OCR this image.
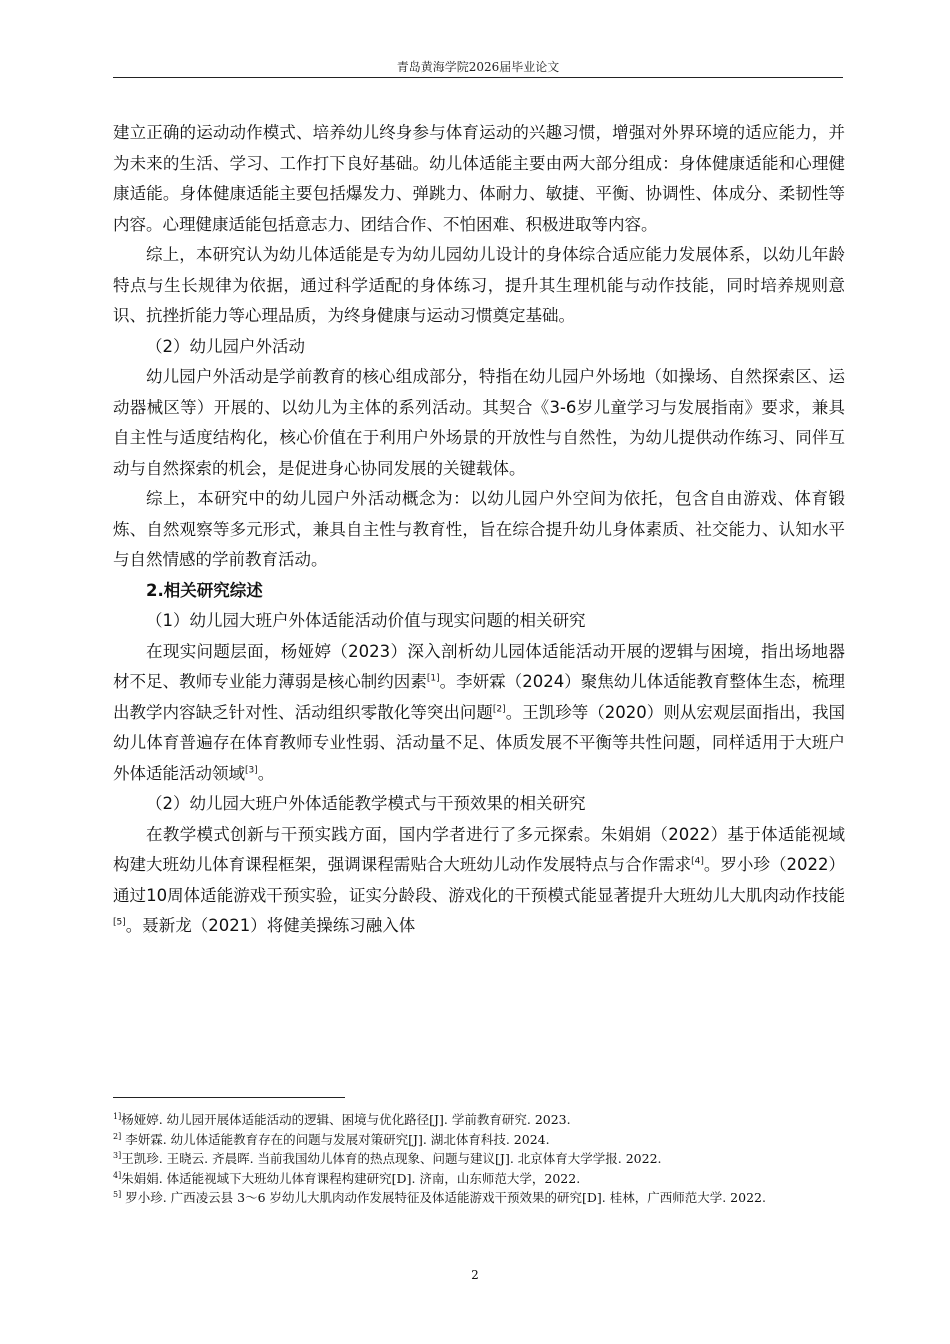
青岛黄海学院2026届毕业论文

建立正确的运动动作模式、培养幼儿终身参与体育运动的兴趣习惯，增强对外界环境的适应能力，并为未来的生活、学习、工作打下良好基础。幼儿体适能主要由两大部分组成：身体健康适能和心理健康适能。身体健康适能主要包括爆发力、弹跳力、体耐力、敏捷、平衡、协调性、体成分、柔韧性等内容。心理健康适能包括意志力、团结合作、不怕困难、积极进取等内容。

综上，本研究认为幼儿体适能是专为幼儿园幼儿设计的身体综合适应能力发展体系，以幼儿年龄特点与生长规律为依据，通过科学适配的身体练习，提升其生理机能与动作技能，同时培养规则意识、抗挫折能力等心理品质，为终身健康与运动习惯奠定基础。

（2）幼儿园户外活动

幼儿园户外活动是学前教育的核心组成部分，特指在幼儿园户外场地（如操场、自然探索区、运动器械区等）开展的、以幼儿为主体的系列活动。其契合《3-6岁儿童学习与发展指南》要求，兼具自主性与适度结构化，核心价值在于利用户外场景的开放性与自然性，为幼儿提供动作练习、同伴互动与自然探索的机会，是促进身心协同发展的关键载体。

综上，本研究中的幼儿园户外活动概念为：以幼儿园户外空间为依托，包含自由游戏、体育锻炼、自然观察等多元形式，兼具自主性与教育性，旨在综合提升幼儿身体素质、社交能力、认知水平与自然情感的学前教育活动。

2.相关研究综述

（1）幼儿园大班户外体适能活动价值与现实问题的相关研究

在现实问题层面，杨娅婷（2023）深入剖析幼儿园体适能活动开展的逻辑与困境，指出场地器材不足、教师专业能力薄弱是核心制约因素[1]。李妍霖（2024）聚焦幼儿体适能教育整体生态，梳理出教学内容缺乏针对性、活动组织零散化等突出问题[2]。王凯珍等（2020）则从宏观层面指出，我国幼儿体育普遍存在体育教师专业性弱、活动量不足、体质发展不平衡等共性问题，同样适用于大班户外体适能活动领域[3]。

（2）幼儿园大班户外体适能教学模式与干预效果的相关研究

在教学模式创新与干预实践方面，国内学者进行了多元探索。朱娟娟（2022）基于体适能视域构建大班幼儿体育课程框架，强调课程需贴合大班幼儿动作发展特点与合作需求[4]。罗小珍（2022）通过10周体适能游戏干预实验，证实分龄段、游戏化的干预模式能显著提升大班幼儿大肌肉动作技能[5]。聂新龙（2021）将健美操练习融入体

$^{1]}$杨娅婷. 幼儿园开展体适能活动的逻辑、困境与优化路径[J]. 学前教育研究. 2023.
$^{2]}$ 李妍霖. 幼儿体适能教育存在的问题与发展对策研究[J]. 湖北体育科技. 2024.
$^{3]}$王凯珍. 王晓云. 齐晨晖. 当前我国幼儿体育的热点现象、问题与建议[J]. 北京体育大学学报. 2022.
$^{4]}$朱娟娟. 体适能视域下大班幼儿体育课程构建研究[D]. 济南，山东师范大学，2022.
$^{5]}$ 罗小珍. 广西凌云县 3～6 岁幼儿大肌肉动作发展特征及体适能游戏干预效果的研究[D]. 桂林，广西师范大学. 2022.
2
